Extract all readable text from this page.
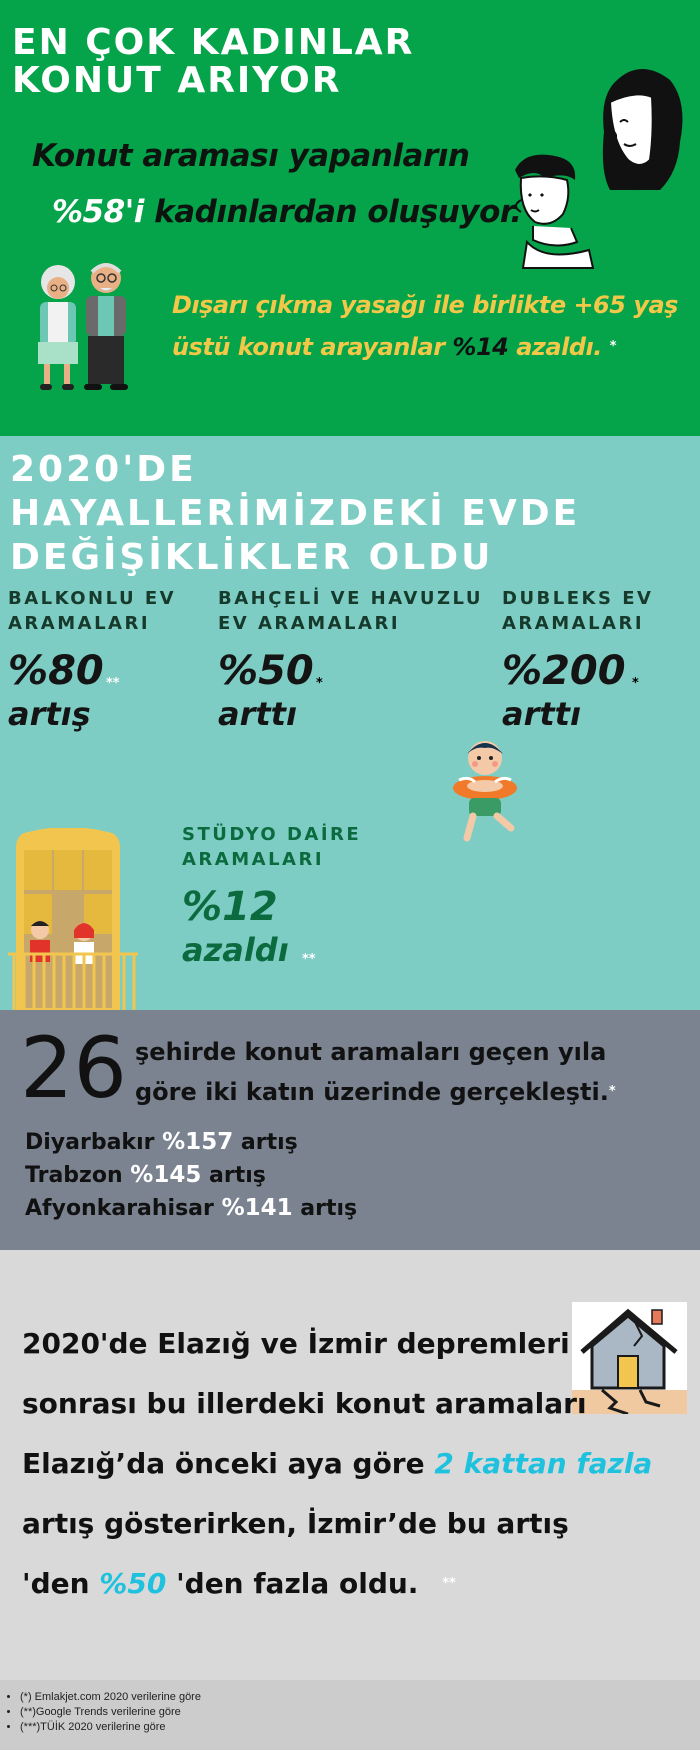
EN ÇOK KADINLAR
KONUT ARIYOR
Konut araması yapanların
%58'i kadınlardan oluşuyor.
Dışarı çıkma yasağı ile birlikte +65 yaş
üstü konut arayanlar %14 azaldı. *
2020'DE
HAYALLERİMİZDEKİ EVDE
DEĞİŞİKLİKLER OLDU
BALKONLU EV
ARAMALARI
%80
artış
**
BAHÇELİ VE HAVUZLU
EV ARAMALARI
%50
arttı
*
DUBLEKS EV
ARAMALARI
%200
arttı
*
STÜDYO DAİRE
ARAMALARI
%12
azaldı	**
26 şehirde konut aramaları geçen yıla
göre iki katın üzerinde gerçekleşti.*
Diyarbakır %157 artış
Trabzon %145 artış
Afyonkarahisar %141 artış
2020'de Elazığ ve İzmir depremleri
sonrası bu illerdeki konut aramaları
Elazığ’da önceki aya göre 2 kattan fazla
artış gösterirken, İzmir’de bu artış
'den %50 'den fazla oldu. **
• (*) Emlakjet.com 2020 verilerine göre
• (**)Google Trends verilerine göre
• (***)TÜİK 2020 verilerine göre
